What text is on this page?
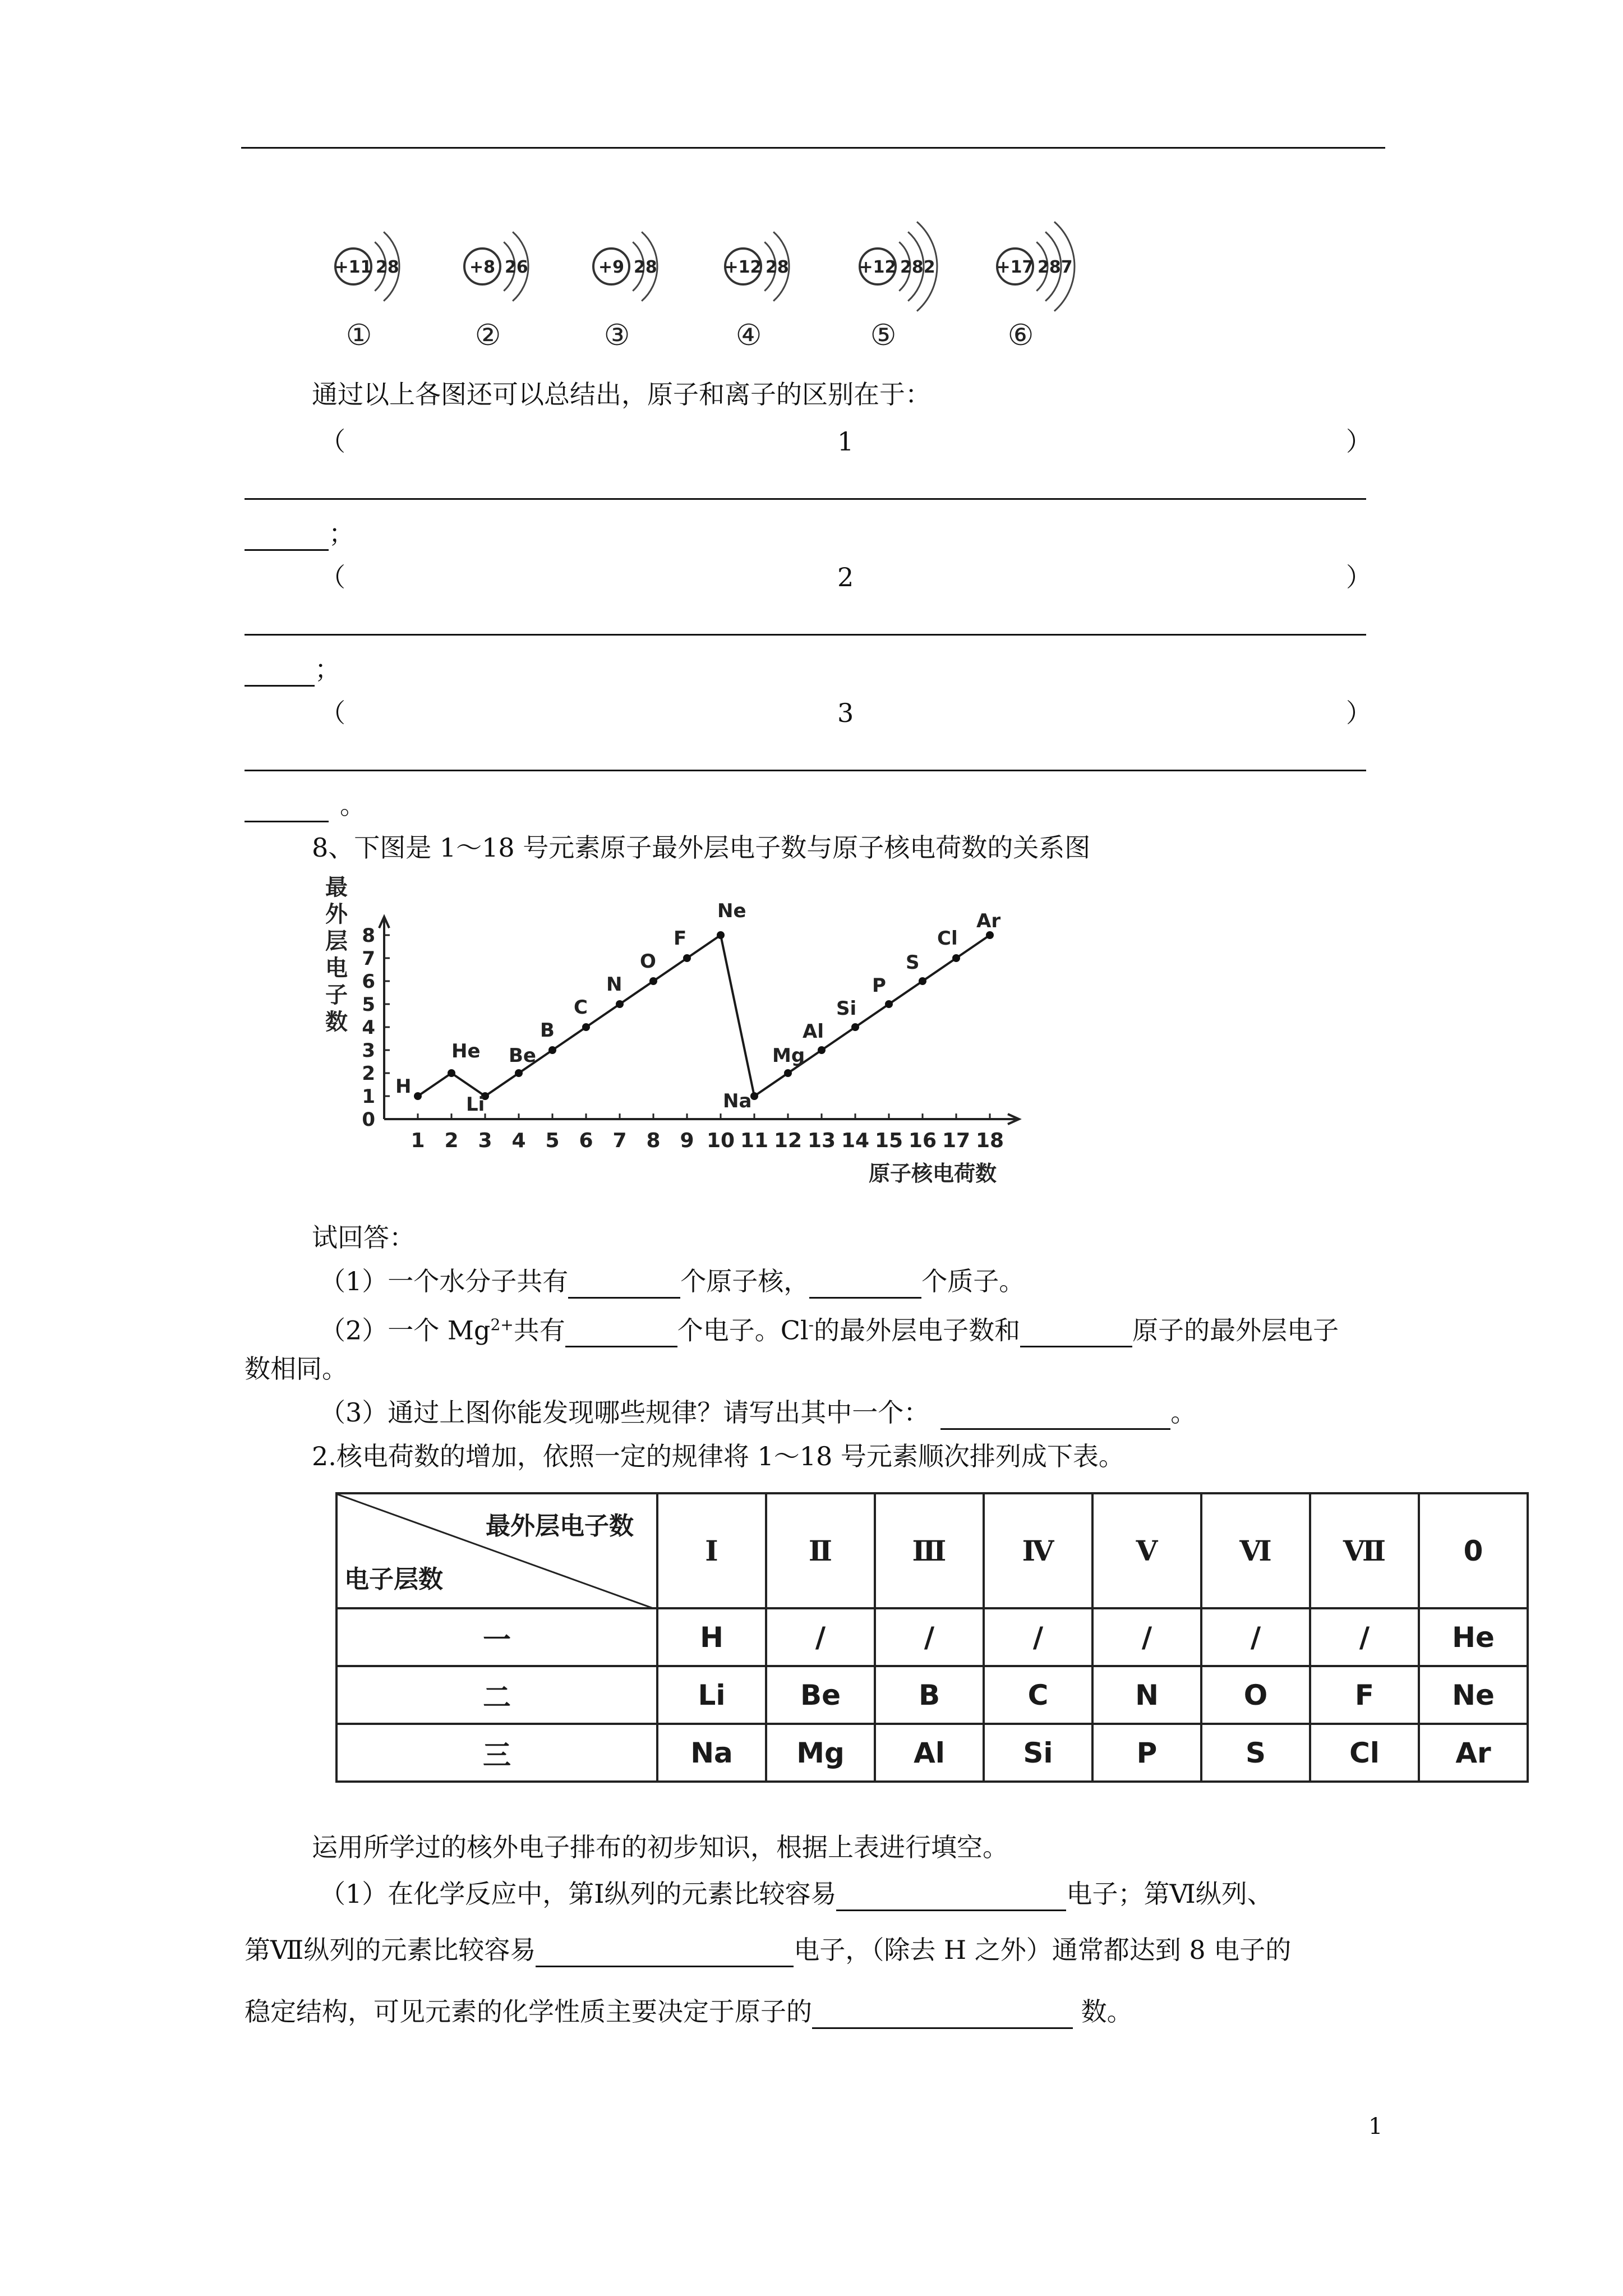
+11 28
①
+8 26
②
+9 28
③
+12 28
④
+12 282
⑤
+17 287
⑥
通过以上各图还可以总结出，原子和离子的区别在于：
（	1	）
；
（	2	）
；
（	3	）
。
8、下图是 1～18 号元素原子最外层电子数与原子核电荷数的关系图
最
外
层
电
子
数
0
1
2
3
4
5
6
7
8
1 2 3 4 5 6 7 8 9 10 11 12 13 14 15 16 17 18
原子核电荷数
H
He
Li
Be
B
C
N
O
F
Ne
Na
Mg
Al
Si
P
S
Cl
Ar
试回答：
（1）一个水分子共有	个原子核，	个质子。
（2）一个 $Mg^{2+}$共有	个电子。Cl-的最外层电子数和	原子的最外层电子
数相同。
（3）通过上图你能发现哪些规律？请写出其中一个：	。
2.核电荷数的增加，依照一定的规律将 1～18 号元素顺次排列成下表。
最外层电子数
电子层数	Ⅰ	Ⅱ	Ⅲ	Ⅳ	Ⅴ	Ⅵ	Ⅶ	0
一	H	/	/	/	/	/	/	He
二	Li	Be	B	C	N	O	F	Ne
三	Na	Mg	Al	Si	P	S	Cl	Ar
运用所学过的核外电子排布的初步知识，根据上表进行填空。
（1）在化学反应中，第Ⅰ纵列的元素比较容易	电子；第Ⅵ纵列、
第Ⅶ纵列的元素比较容易	电子，（除去 H 之外）通常都达到 8 电子的
稳定结构，可见元素的化学性质主要决定于原子的	数。
1
